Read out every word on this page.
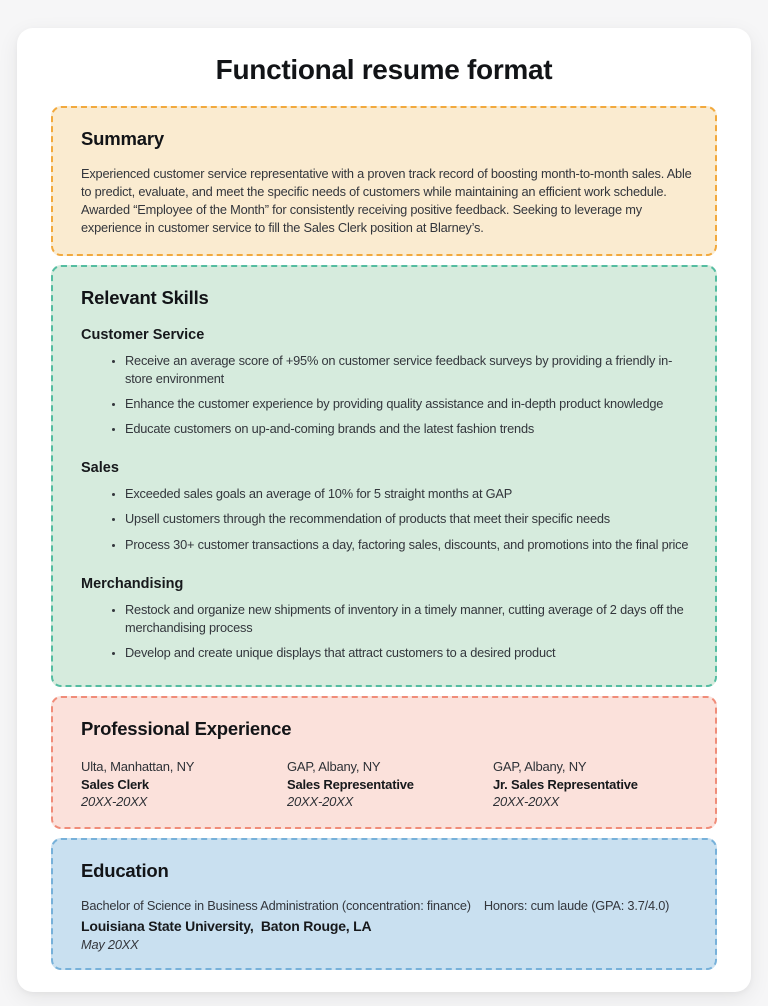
Functional resume format
Summary

Experienced customer service representative with a proven track record of boosting month-to-month sales. Able to predict, evaluate, and meet the specific needs of customers while maintaining an efficient work schedule. Awarded “Employee of the Month” for consistently receiving positive feedback. Seeking to leverage my experience in customer service to fill the Sales Clerk position at Blarney’s.

Relevant Skills
Customer Service
• Receive an average score of +95% on customer service feedback surveys by providing a friendly in-store environment
• Enhance the customer experience by providing quality assistance and in-depth product knowledge
• Educate customers on up-and-coming brands and the latest fashion trends
Sales
• Exceeded sales goals an average of 10% for 5 straight months at GAP
• Upsell customers through the recommendation of products that meet their specific needs
• Process 30+ customer transactions a day, factoring sales, discounts, and promotions into the final price
Merchandising
• Restock and organize new shipments of inventory in a timely manner, cutting average of 2 days off the merchandising process
• Develop and create unique displays that attract customers to a desired product
Professional Experience
Ulta, Manhattan, NY
Sales Clerk
20XX-20XX
GAP, Albany, NY
Sales Representative
20XX-20XX
GAP, Albany, NY
Jr. Sales Representative
20XX-20XX
Education
Bachelor of Science in Business Administration (concentration: finance) Honors: cum laude (GPA: 3.7/4.0)
Louisiana State University,  Baton Rouge, LA
May 20XX
